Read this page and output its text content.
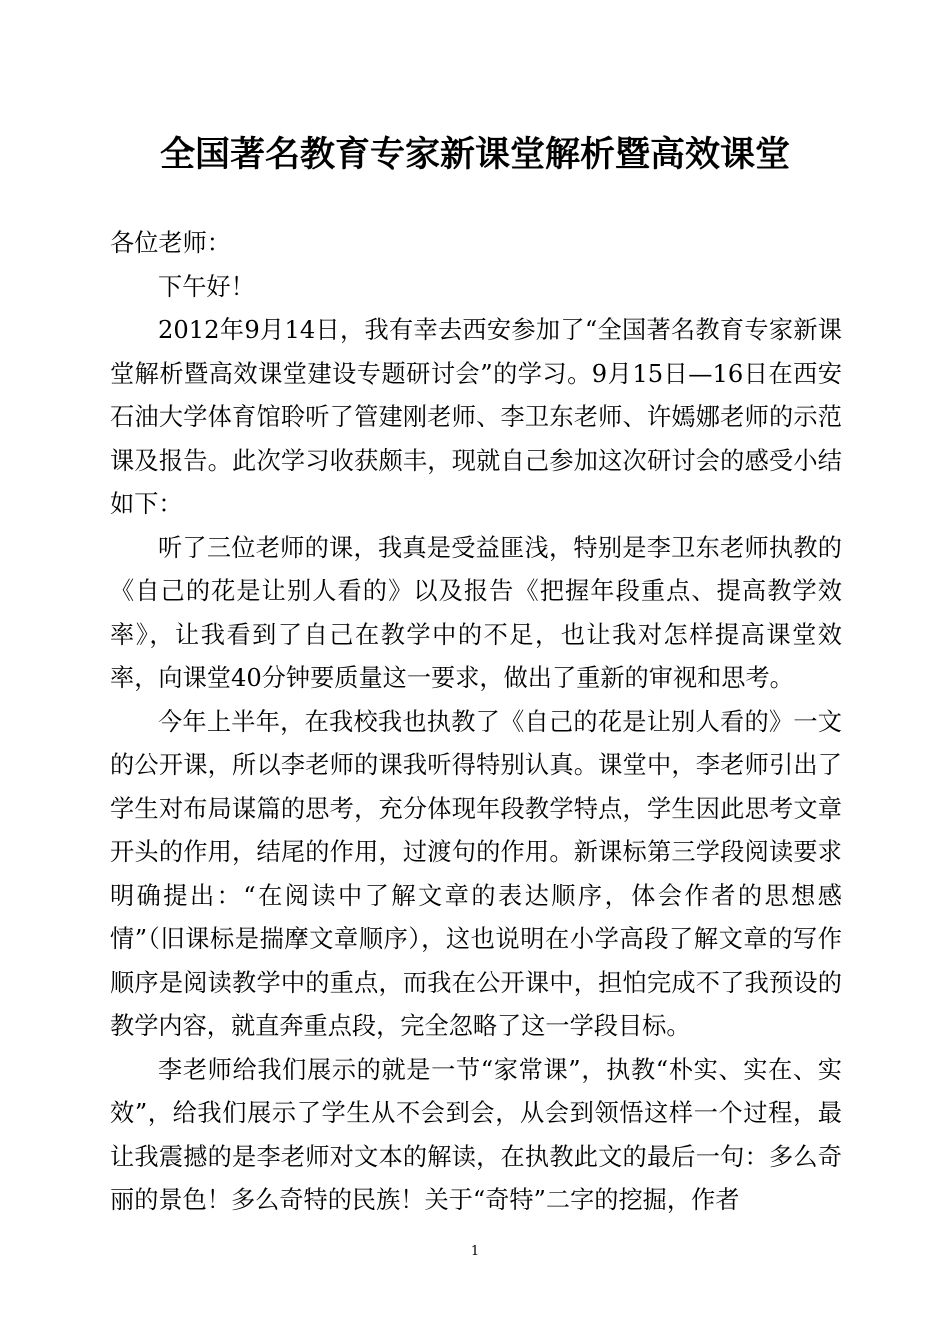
全国著名教育专家新课堂解析暨高效课堂

各位老师：

下午好！

2012年9月14日，我有幸去西安参加了“全国著名教育专家新课堂解析暨高效课堂建设专题研讨会”的学习。9月15日—16日在西安石油大学体育馆聆听了管建刚老师、李卫东老师、许嫣娜老师的示范课及报告。此次学习收获颇丰，现就自己参加这次研讨会的感受小结如下：

听了三位老师的课，我真是受益匪浅，特别是李卫东老师执教的《自己的花是让别人看的》以及报告《把握年段重点、提高教学效率》，让我看到了自己在教学中的不足，也让我对怎样提高课堂效率，向课堂40分钟要质量这一要求，做出了重新的审视和思考。

今年上半年，在我校我也执教了《自己的花是让别人看的》一文的公开课，所以李老师的课我听得特别认真。课堂中，李老师引出了学生对布局谋篇的思考，充分体现年段教学特点，学生因此思考文章开头的作用，结尾的作用，过渡句的作用。新课标第三学段阅读要求明确提出：“在阅读中了解文章的表达顺序，体会作者的思想感情”（旧课标是揣摩文章顺序），这也说明在小学高段了解文章的写作顺序是阅读教学中的重点，而我在公开课中，担怕完成不了我预设的教学内容，就直奔重点段，完全忽略了这一学段目标。

李老师给我们展示的就是一节“家常课”，执教“朴实、实在、实效”，给我们展示了学生从不会到会，从会到领悟这样一个过程，最让我震撼的是李老师对文本的解读，在执教此文的最后一句：多么奇丽的景色！多么奇特的民族！关于“奇特”二字的挖掘，作者

1
